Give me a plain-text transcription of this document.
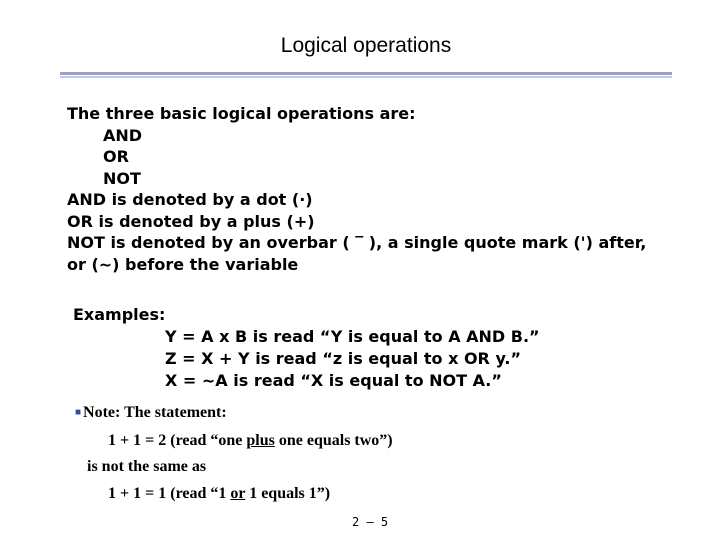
Logical operations
The three basic logical operations are:
AND
OR
NOT
AND is denoted by a dot (·)
OR is denoted by a plus (+)
NOT is denoted by an overbar ( ‾ ), a single quote mark (') after,
or (~) before the variable
Examples:
Y = A x B is read “Y is equal to A AND B.”
Z = X + Y is read “z is equal to x OR y.”
X = ~A is read “X is equal to NOT A.”
■ Note: The statement:
1 + 1 = 2 (read “one plus one equals two”)
is not the same as
1 + 1 = 1 (read “1 or 1 equals 1”)
2 – 5
